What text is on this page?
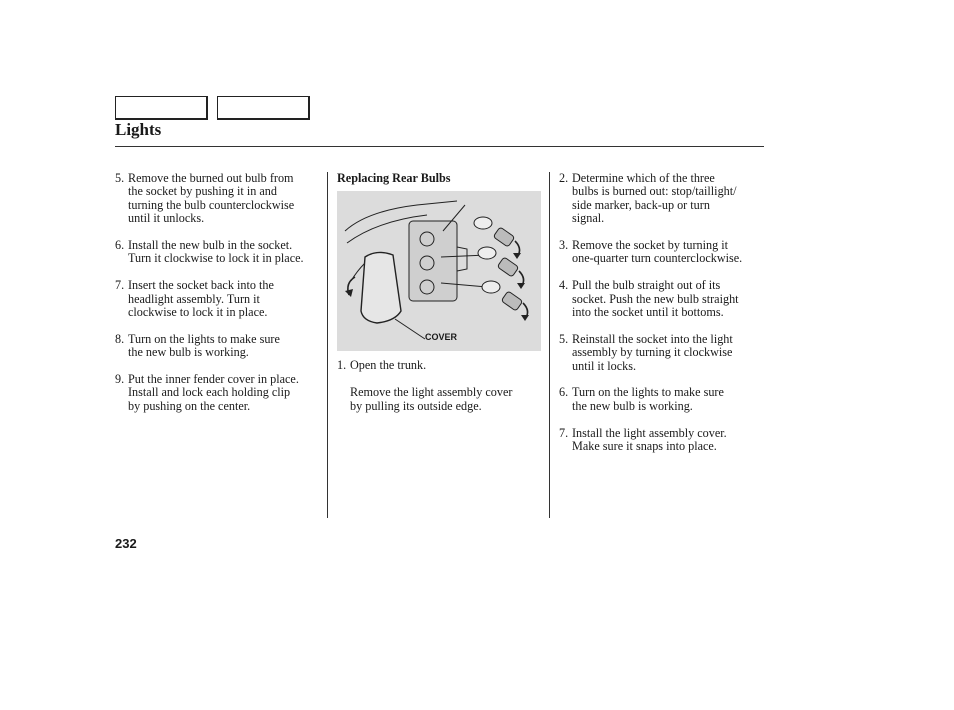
Lights
5. Remove the burned out bulb from
the socket by pushing it in and
turning the bulb counterclockwise
until it unlocks.
6. Install the new bulb in the socket.
Turn it clockwise to lock it in place.
7. Insert the socket back into the
headlight assembly. Turn it
clockwise to lock it in place.
8. Turn on the lights to make sure
the new bulb is working.
9. Put the inner fender cover in place.
Install and lock each holding clip
by pushing on the center.
Replacing Rear Bulbs
COVER
1. Open the trunk.
Remove the light assembly cover
by pulling its outside edge.
2. Determine which of the three
bulbs is burned out: stop/taillight/
side marker, back-up or turn
signal.
3. Remove the socket by turning it
one-quarter turn counterclockwise.
4. Pull the bulb straight out of its
socket. Push the new bulb straight
into the socket until it bottoms.
5. Reinstall the socket into the light
assembly by turning it clockwise
until it locks.
6. Turn on the lights to make sure
the new bulb is working.
7. Install the light assembly cover.
Make sure it snaps into place.
232
